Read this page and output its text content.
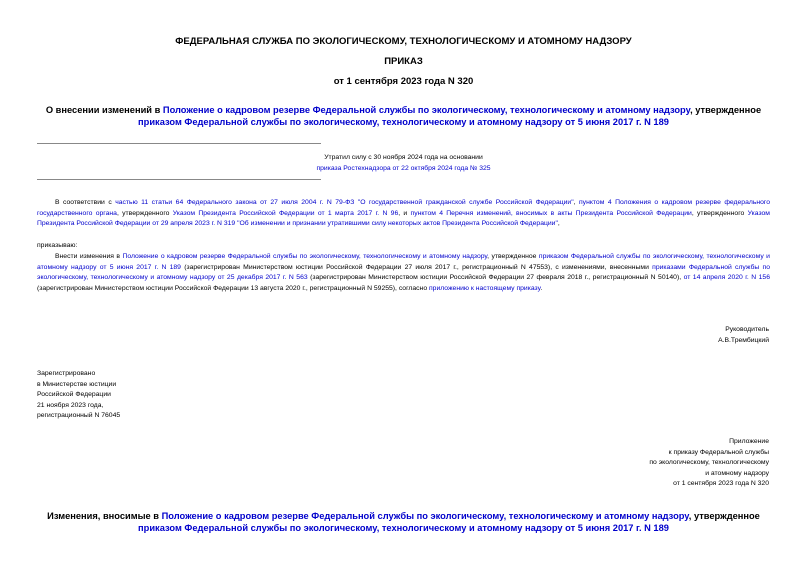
ФЕДЕРАЛЬНАЯ СЛУЖБА ПО ЭКОЛОГИЧЕСКОМУ, ТЕХНОЛОГИЧЕСКОМУ И АТОМНОМУ НАДЗОРУ
ПРИКАЗ
от 1 сентября 2023 года N 320
О внесении изменений в Положение о кадровом резерве Федеральной службы по экологическому, технологическому и атомному надзору, утвержденное приказом Федеральной службы по экологическому, технологическому и атомному надзору от 5 июня 2017 г. N 189
Утратил силу с 30 ноября 2024 года на основании
приказа Ростехнадзора от 22 октября 2024 года № 325
В соответствии с частью 11 статьи 64 Федерального закона от 27 июля 2004 г. N 79-ФЗ "О государственной гражданской службе Российской Федерации", пунктом 4 Положения о кадровом резерве федерального государственного органа, утвержденного Указом Президента Российской Федерации от 1 марта 2017 г. N 96, и пунктом 4 Перечня изменений, вносимых в акты Президента Российской Федерации, утвержденного Указом Президента Российской Федерации от 29 апреля 2023 г. N 319 "Об изменении и признании утратившими силу некоторых актов Президента Российской Федерации",
приказываю:
Внести изменения в Положение о кадровом резерве Федеральной службы по экологическому, технологическому и атомному надзору, утвержденное приказом Федеральной службы по экологическому, технологическому и атомному надзору от 5 июня 2017 г. N 189 (зарегистрирован Министерством юстиции Российской Федерации 27 июля 2017 г., регистрационный N 47553), с изменениями, внесенными приказами Федеральной службы по экологическому, технологическому и атомному надзору от 25 декабря 2017 г. N 563 (зарегистрирован Министерством юстиции Российской Федерации 27 февраля 2018 г., регистрационный N 50140), от 14 апреля 2020 г. N 156 (зарегистрирован Министерством юстиции Российской Федерации 13 августа 2020 г., регистрационный N 59255), согласно приложению к настоящему приказу.
Руководитель
А.В.Трембицкий
Зарегистрировано
в Министерстве юстиции
Российской Федерации
21 ноября 2023 года,
регистрационный N 76045
Приложение
к приказу Федеральной службы
по экологическому, технологическому
и атомному надзору
от 1 сентября 2023 года N 320
Изменения, вносимые в Положение о кадровом резерве Федеральной службы по экологическому, технологическому и атомному надзору, утвержденное приказом Федеральной службы по экологическому, технологическому и атомному надзору от 5 июня 2017 г. N 189
